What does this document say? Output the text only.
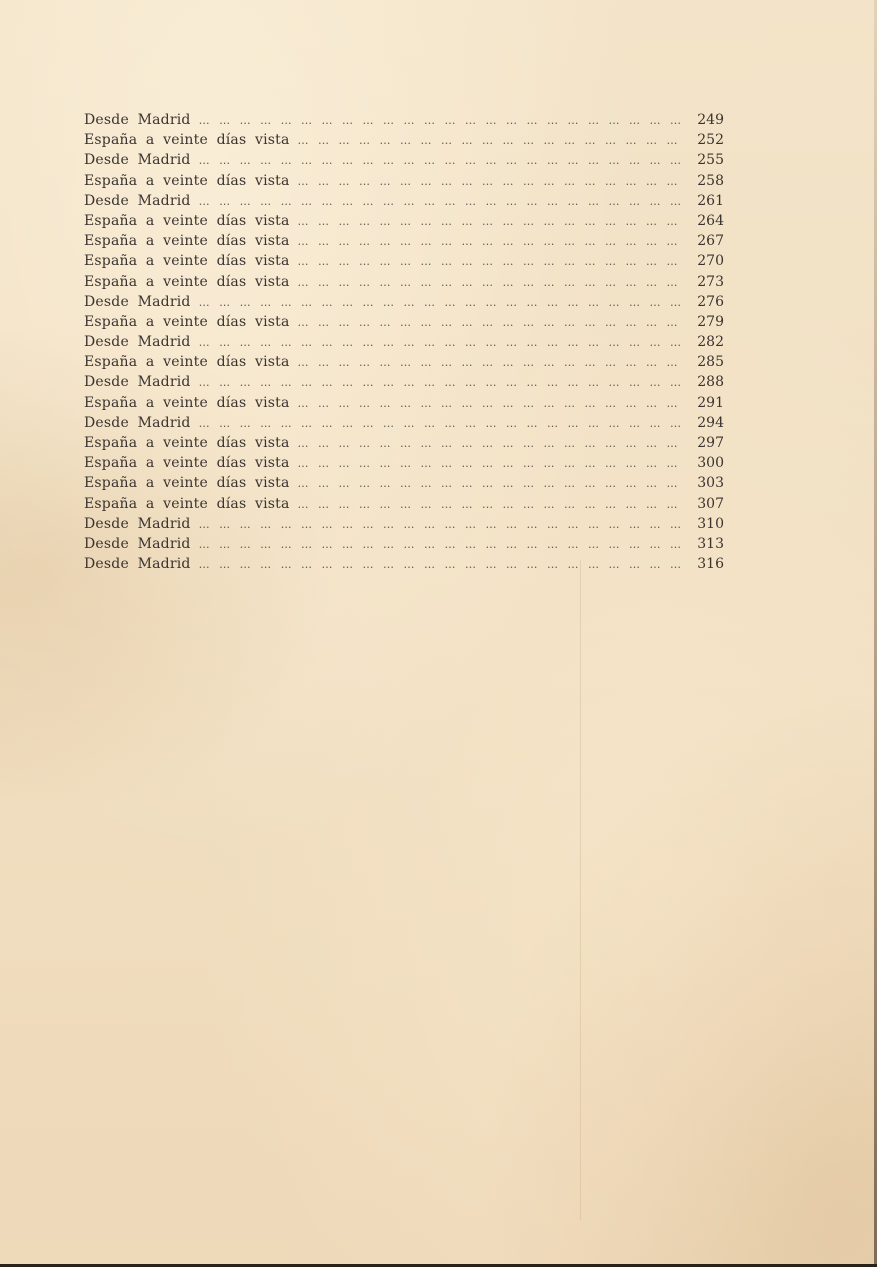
Desde Madrid … … … … … … … … … … … … … … … … … … … … … … … … … … … … … … … … … … … … … … … … … …	249
España a veinte días vista … … … … … … … … … … … … … … … … … … … … … … … … … … … … … … … … … … … … … … … … … …	252
Desde Madrid … … … … … … … … … … … … … … … … … … … … … … … … … … … … … … … … … … … … … … … … … …	255
España a veinte días vista … … … … … … … … … … … … … … … … … … … … … … … … … … … … … … … … … … … … … … … … … …	258
Desde Madrid … … … … … … … … … … … … … … … … … … … … … … … … … … … … … … … … … … … … … … … … … …	261
España a veinte días vista … … … … … … … … … … … … … … … … … … … … … … … … … … … … … … … … … … … … … … … … … …	264
España a veinte días vista … … … … … … … … … … … … … … … … … … … … … … … … … … … … … … … … … … … … … … … … … …	267
España a veinte días vista … … … … … … … … … … … … … … … … … … … … … … … … … … … … … … … … … … … … … … … … … …	270
España a veinte días vista … … … … … … … … … … … … … … … … … … … … … … … … … … … … … … … … … … … … … … … … … …	273
Desde Madrid … … … … … … … … … … … … … … … … … … … … … … … … … … … … … … … … … … … … … … … … … …	276
España a veinte días vista … … … … … … … … … … … … … … … … … … … … … … … … … … … … … … … … … … … … … … … … … …	279
Desde Madrid … … … … … … … … … … … … … … … … … … … … … … … … … … … … … … … … … … … … … … … … … …	282
España a veinte días vista … … … … … … … … … … … … … … … … … … … … … … … … … … … … … … … … … … … … … … … … … …	285
Desde Madrid … … … … … … … … … … … … … … … … … … … … … … … … … … … … … … … … … … … … … … … … … …	288
España a veinte días vista … … … … … … … … … … … … … … … … … … … … … … … … … … … … … … … … … … … … … … … … … …	291
Desde Madrid … … … … … … … … … … … … … … … … … … … … … … … … … … … … … … … … … … … … … … … … … …	294
España a veinte días vista … … … … … … … … … … … … … … … … … … … … … … … … … … … … … … … … … … … … … … … … … …	297
España a veinte días vista … … … … … … … … … … … … … … … … … … … … … … … … … … … … … … … … … … … … … … … … … …	300
España a veinte días vista … … … … … … … … … … … … … … … … … … … … … … … … … … … … … … … … … … … … … … … … … …	303
España a veinte días vista … … … … … … … … … … … … … … … … … … … … … … … … … … … … … … … … … … … … … … … … … …	307
Desde Madrid … … … … … … … … … … … … … … … … … … … … … … … … … … … … … … … … … … … … … … … … … …	310
Desde Madrid … … … … … … … … … … … … … … … … … … … … … … … … … … … … … … … … … … … … … … … … … …	313
Desde Madrid … … … … … … … … … … … … … … … … … … … … … … … … … … … … … … … … … … … … … … … … … …	316
